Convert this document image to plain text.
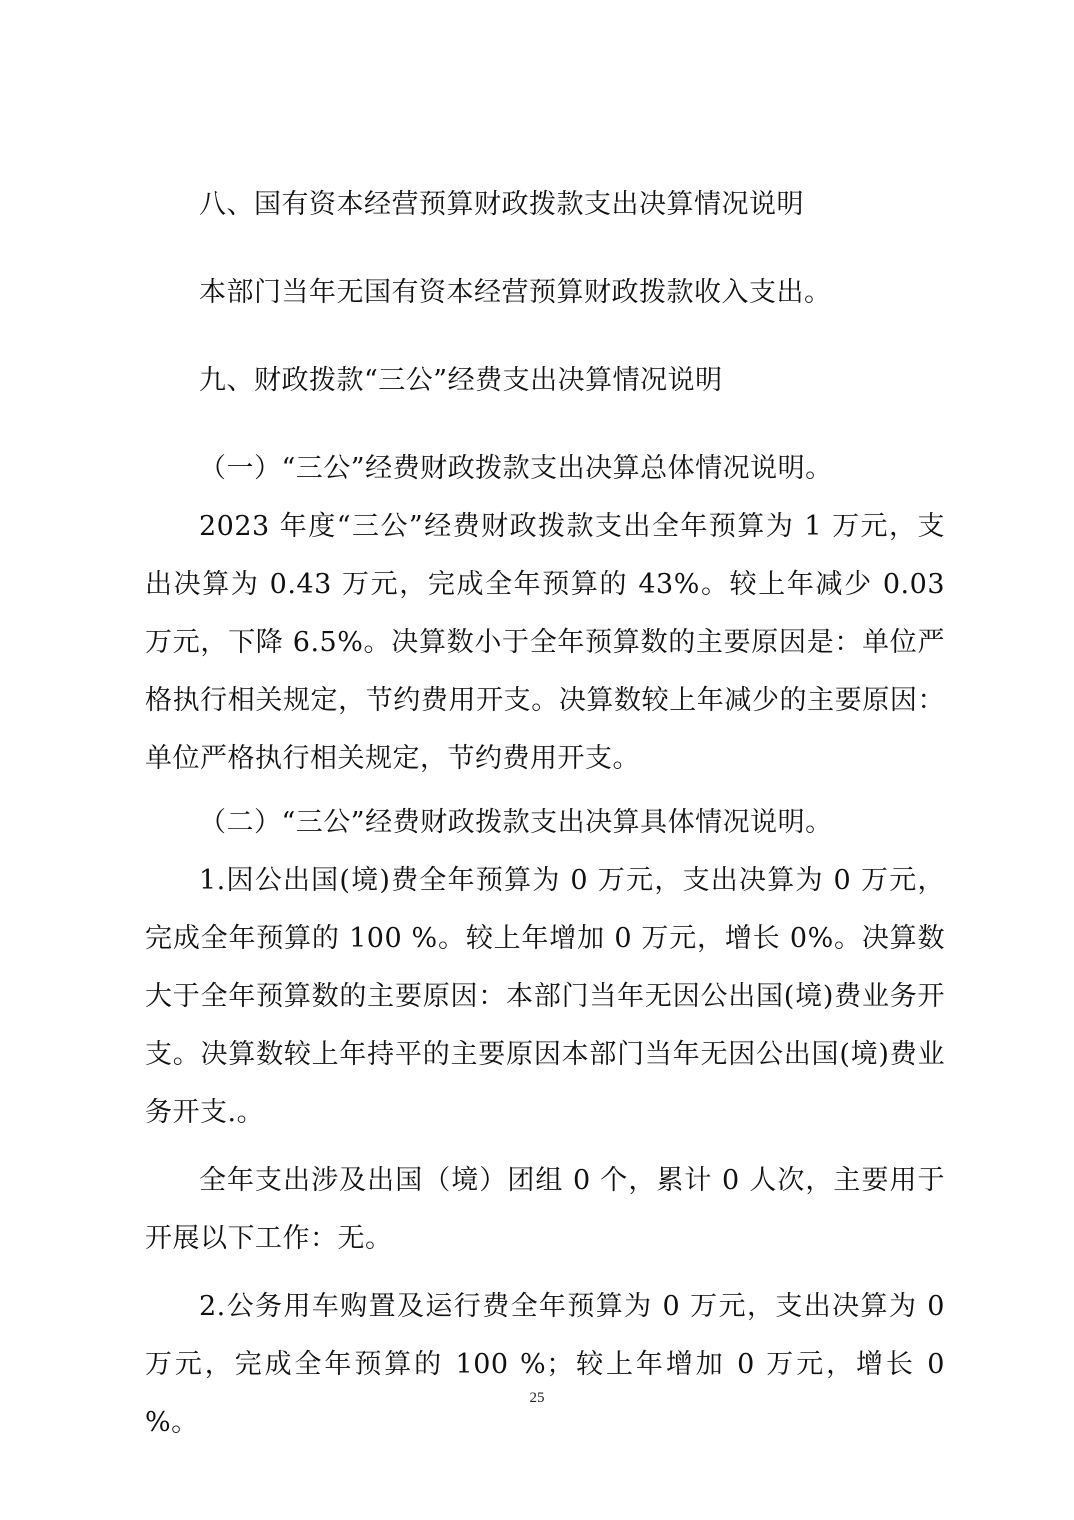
八、国有资本经营预算财政拨款支出决算情况说明

本部门当年无国有资本经营预算财政拨款收入支出。

九、财政拨款“三公”经费支出决算情况说明

（一）“三公”经费财政拨款支出决算总体情况说明。

2023 年度“三公”经费财政拨款支出全年预算为 1 万元，支出决算为 0.43 万元，完成全年预算的 43%。较上年减少 0.03 万元，下降 6.5%。决算数小于全年预算数的主要原因是：单位严格执行相关规定，节约费用开支。决算数较上年减少的主要原因：单位严格执行相关规定，节约费用开支。

（二）“三公”经费财政拨款支出决算具体情况说明。

1.因公出国(境)费全年预算为 0 万元，支出决算为 0 万元，完成全年预算的 100 %。较上年增加 0 万元，增长 0%。决算数大于全年预算数的主要原因：本部门当年无因公出国(境)费业务开支。决算数较上年持平的主要原因本部门当年无因公出国(境)费业务开支.。

全年支出涉及出国（境）团组 0 个，累计 0 人次，主要用于开展以下工作：无。

2.公务用车购置及运行费全年预算为 0 万元，支出决算为 0 万元，完成全年预算的 100 %；较上年增加 0 万元，增长 0 %。

25
